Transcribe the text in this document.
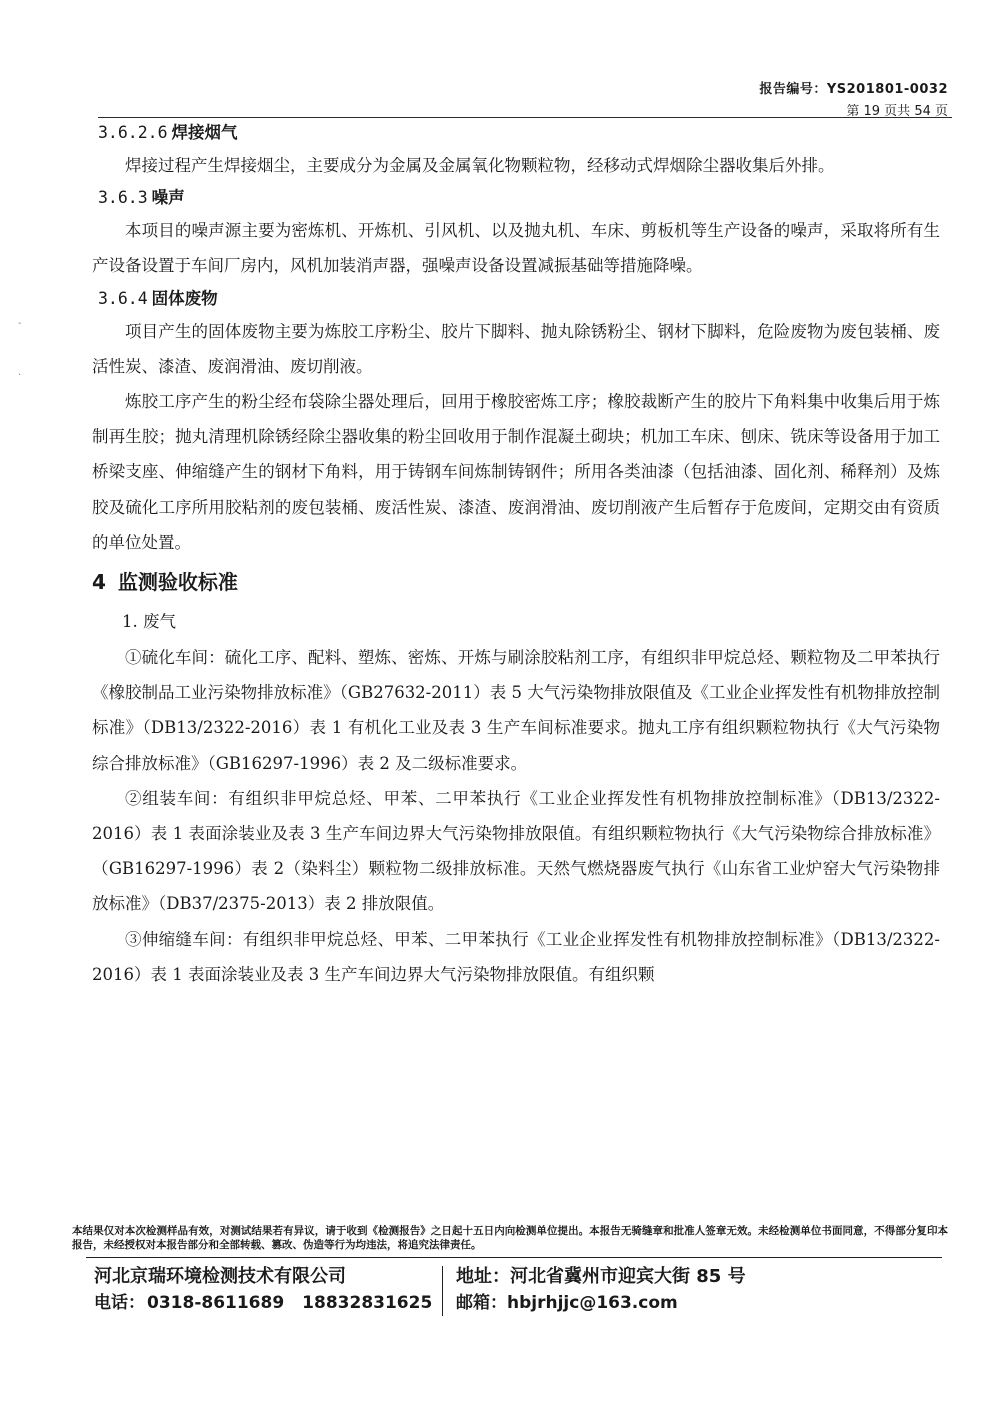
-
·
报告编号：YS201801-0032
第 19 页共 54 页
3.6.2.6 焊接烟气

焊接过程产生焊接烟尘，主要成分为金属及金属氧化物颗粒物，经移动式焊烟除尘器收集后外排。

3.6.3 噪声

本项目的噪声源主要为密炼机、开炼机、引风机、以及抛丸机、车床、剪板机等生产设备的噪声，采取将所有生产设备设置于车间厂房内，风机加装消声器，强噪声设备设置减振基础等措施降噪。

3.6.4 固体废物

项目产生的固体废物主要为炼胶工序粉尘、胶片下脚料、抛丸除锈粉尘、钢材下脚料，危险废物为废包装桶、废活性炭、漆渣、废润滑油、废切削液。

炼胶工序产生的粉尘经布袋除尘器处理后，回用于橡胶密炼工序；橡胶裁断产生的胶片下角料集中收集后用于炼制再生胶；抛丸清理机除锈经除尘器收集的粉尘回收用于制作混凝土砌块；机加工车床、刨床、铣床等设备用于加工桥梁支座、伸缩缝产生的钢材下角料，用于铸钢车间炼制铸钢件；所用各类油漆（包括油漆、固化剂、稀释剂）及炼胶及硫化工序所用胶粘剂的废包装桶、废活性炭、漆渣、废润滑油、废切削液产生后暂存于危废间，定期交由有资质的单位处置。

4 监测验收标准

1. 废气

①硫化车间：硫化工序、配料、塑炼、密炼、开炼与刷涂胶粘剂工序，有组织非甲烷总烃、颗粒物及二甲苯执行《橡胶制品工业污染物排放标准》（GB27632-2011）表 5 大气污染物排放限值及《工业企业挥发性有机物排放控制标准》（DB13/2322-2016）表 1 有机化工业及表 3 生产车间标准要求。抛丸工序有组织颗粒物执行《大气污染物综合排放标准》（GB16297-1996）表 2 及二级标准要求。

②组装车间：有组织非甲烷总烃、甲苯、二甲苯执行《工业企业挥发性有机物排放控制标准》（DB13/2322-2016）表 1 表面涂装业及表 3 生产车间边界大气污染物排放限值。有组织颗粒物执行《大气污染物综合排放标准》（GB16297-1996）表 2（染料尘）颗粒物二级排放标准。天然气燃烧器废气执行《山东省工业炉窑大气污染物排放标准》（DB37/2375-2013）表 2 排放限值。

③伸缩缝车间：有组织非甲烷总烃、甲苯、二甲苯执行《工业企业挥发性有机物排放控制标准》（DB13/2322-2016）表 1 表面涂装业及表 3 生产车间边界大气污染物排放限值。有组织颗

本结果仅对本次检测样品有效，对测试结果若有异议，请于收到《检测报告》之日起十五日内向检测单位提出。本报告无骑缝章和批准人签章无效。未经检测单位书面同意，不得部分复印本报告，未经授权对本报告部分和全部转载、篡改、伪造等行为均违法，将追究法律责任。
河北京瑞环境检测技术有限公司
电话： 0318-8611689 18832831625
地址：河北省冀州市迎宾大街 85 号
邮箱：hbjrhjjc@163.com
